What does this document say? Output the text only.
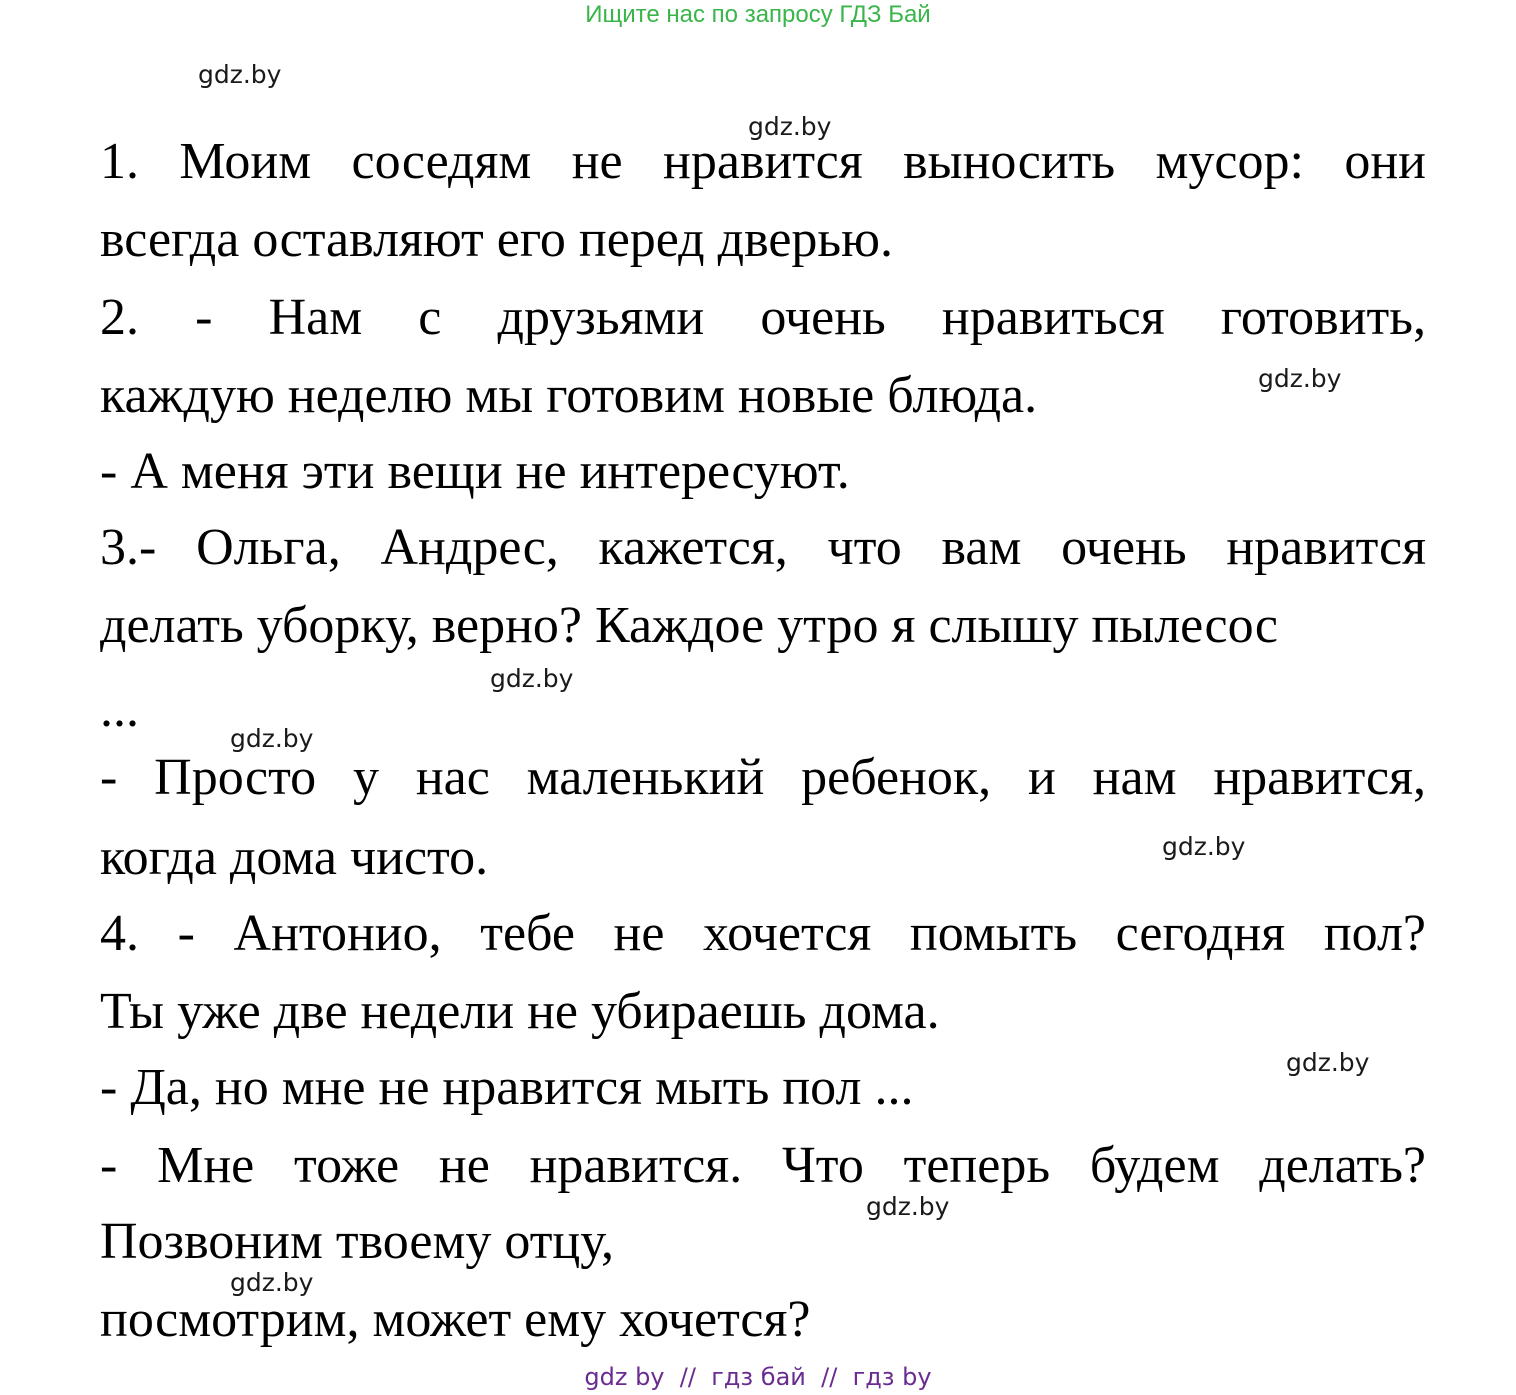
Ищите нас по запросу ГДЗ Бай
gdz.by
gdz.by
gdz.by
gdz.by
gdz.by
gdz.by
gdz.by
gdz.by
gdz.by
1. Моим соседям не нравится выносить мусор: они
всегда оставляют его перед дверью.
2. - Нам с друзьями очень нравиться готовить,
каждую неделю мы готовим новые блюда.
- А меня эти вещи не интересуют.
3.- Ольга, Андрес, кажется, что вам очень нравится
делать уборку, верно? Каждое утро я слышу пылесос
...
- Просто у нас маленький ребенок, и нам нравится,
когда дома чисто.
4. - Антонио, тебе не хочется помыть сегодня пол?
Ты уже две недели не убираешь дома.
- Да, но мне не нравится мыть пол ...
- Мне тоже не нравится. Что теперь будем делать?
Позвоним твоему отцу,
посмотрим, может ему хочется?
gdz by  //  гдз бай  //  гдз by
